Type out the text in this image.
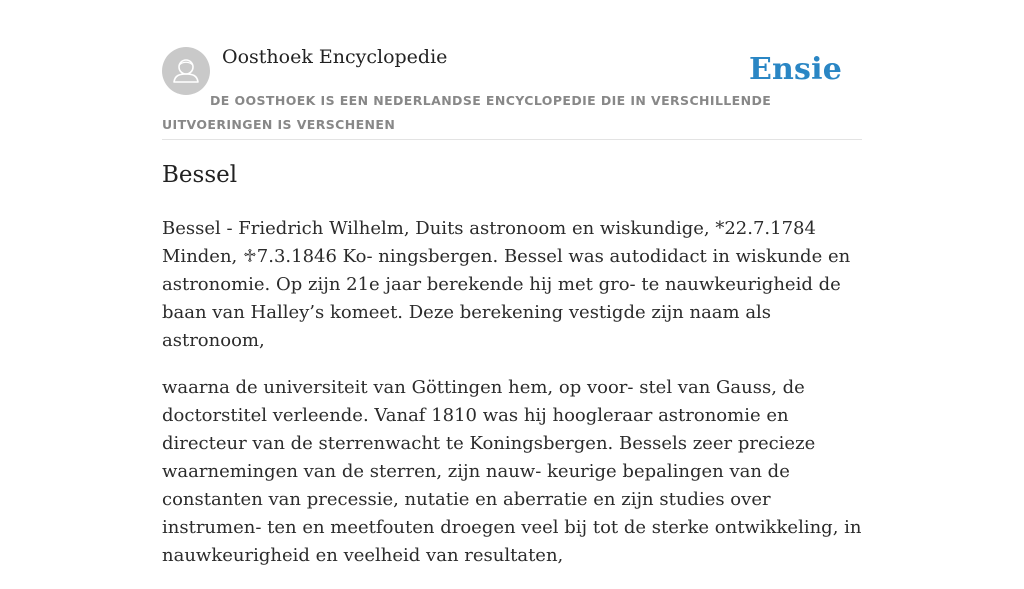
Oosthoek Encyclopedie	Ensie
DE OOSTHOEK IS EEN NEDERLANDSE ENCYCLOPEDIE DIE IN VERSCHILLENDE UITVOERINGEN IS VERSCHENEN
Bessel

Bessel - Friedrich Wilhelm, Duits astronoom en wiskundige, *22.7.1784 Minden, ♱7.3.1846 Ko- ningsbergen. Bessel was autodidact in wiskunde en astronomie. Op zijn 21e jaar berekende hij met gro- te nauwkeurigheid de baan van Halley’s komeet. Deze berekening vestigde zijn naam als astronoom,

waarna de universiteit van Göttingen hem, op voor- stel van Gauss, de doctorstitel verleende. Vanaf 1810 was hij hoogleraar astronomie en directeur van de sterrenwacht te Koningsbergen. Bessels zeer precieze waarnemingen van de sterren, zijn nauw- keurige bepalingen van de constanten van precessie, nutatie en aberratie en zijn studies over instrumen- ten en meetfouten droegen veel bij tot de sterke ontwikkeling, in nauwkeurigheid en veelheid van resultaten,
